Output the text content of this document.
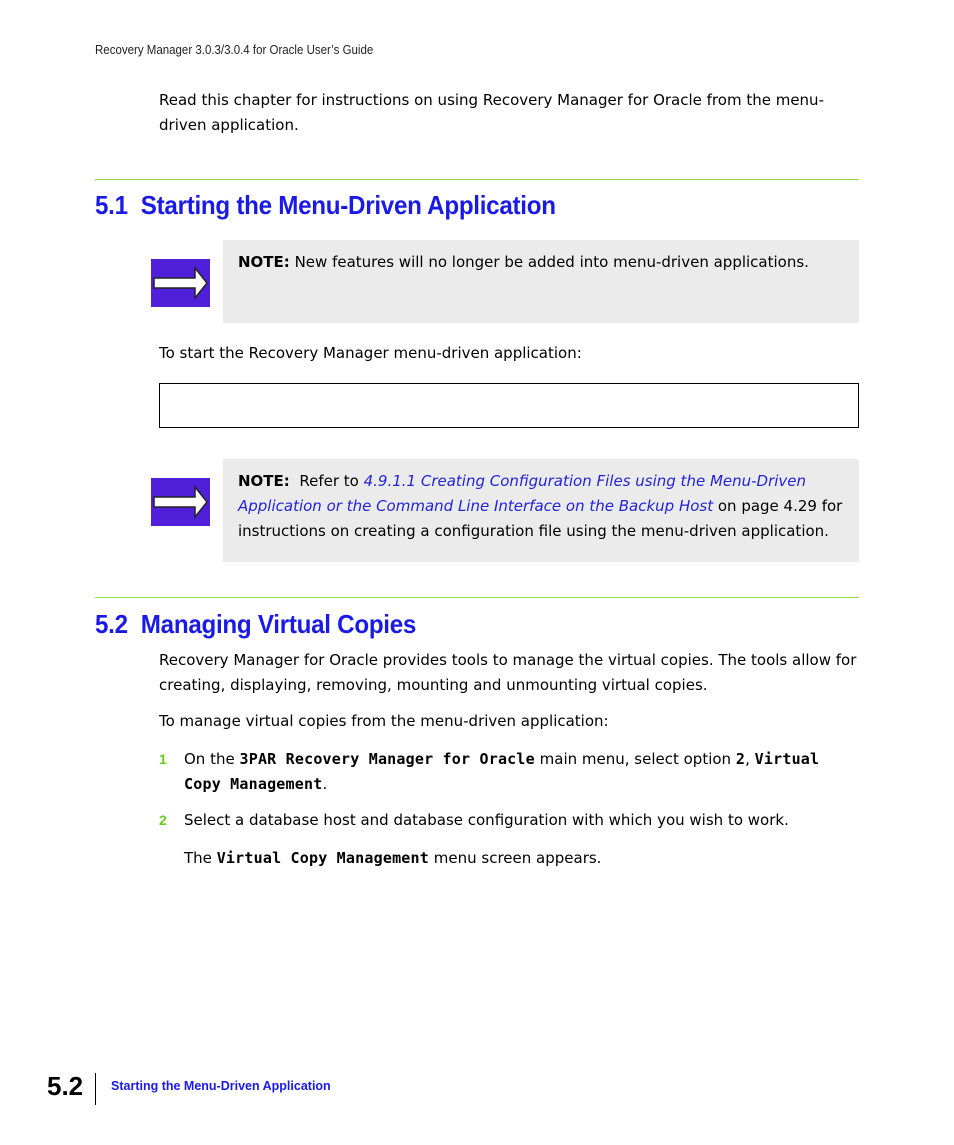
Recovery Manager 3.0.3/3.0.4 for Oracle User’s Guide
Read this chapter for instructions on using Recovery Manager for Oracle from the menu-driven application.
5.1 Starting the Menu-Driven Application
NOTE: New features will no longer be added into menu-driven applications.
To start the Recovery Manager menu-driven application:
NOTE: Refer to 4.9.1.1 Creating Configuration Files using the Menu-Driven Application or the Command Line Interface on the Backup Host on page 4.29 for instructions on creating a configuration file using the menu-driven application.
5.2 Managing Virtual Copies
Recovery Manager for Oracle provides tools to manage the virtual copies. The tools allow for creating, displaying, removing, mounting and unmounting virtual copies.
To manage virtual copies from the menu-driven application:
1 On the 3PAR Recovery Manager for Oracle main menu, select option 2, Virtual Copy Management.
2 Select a database host and database configuration with which you wish to work.
The Virtual Copy Management menu screen appears.
5.2 Starting the Menu-Driven Application
